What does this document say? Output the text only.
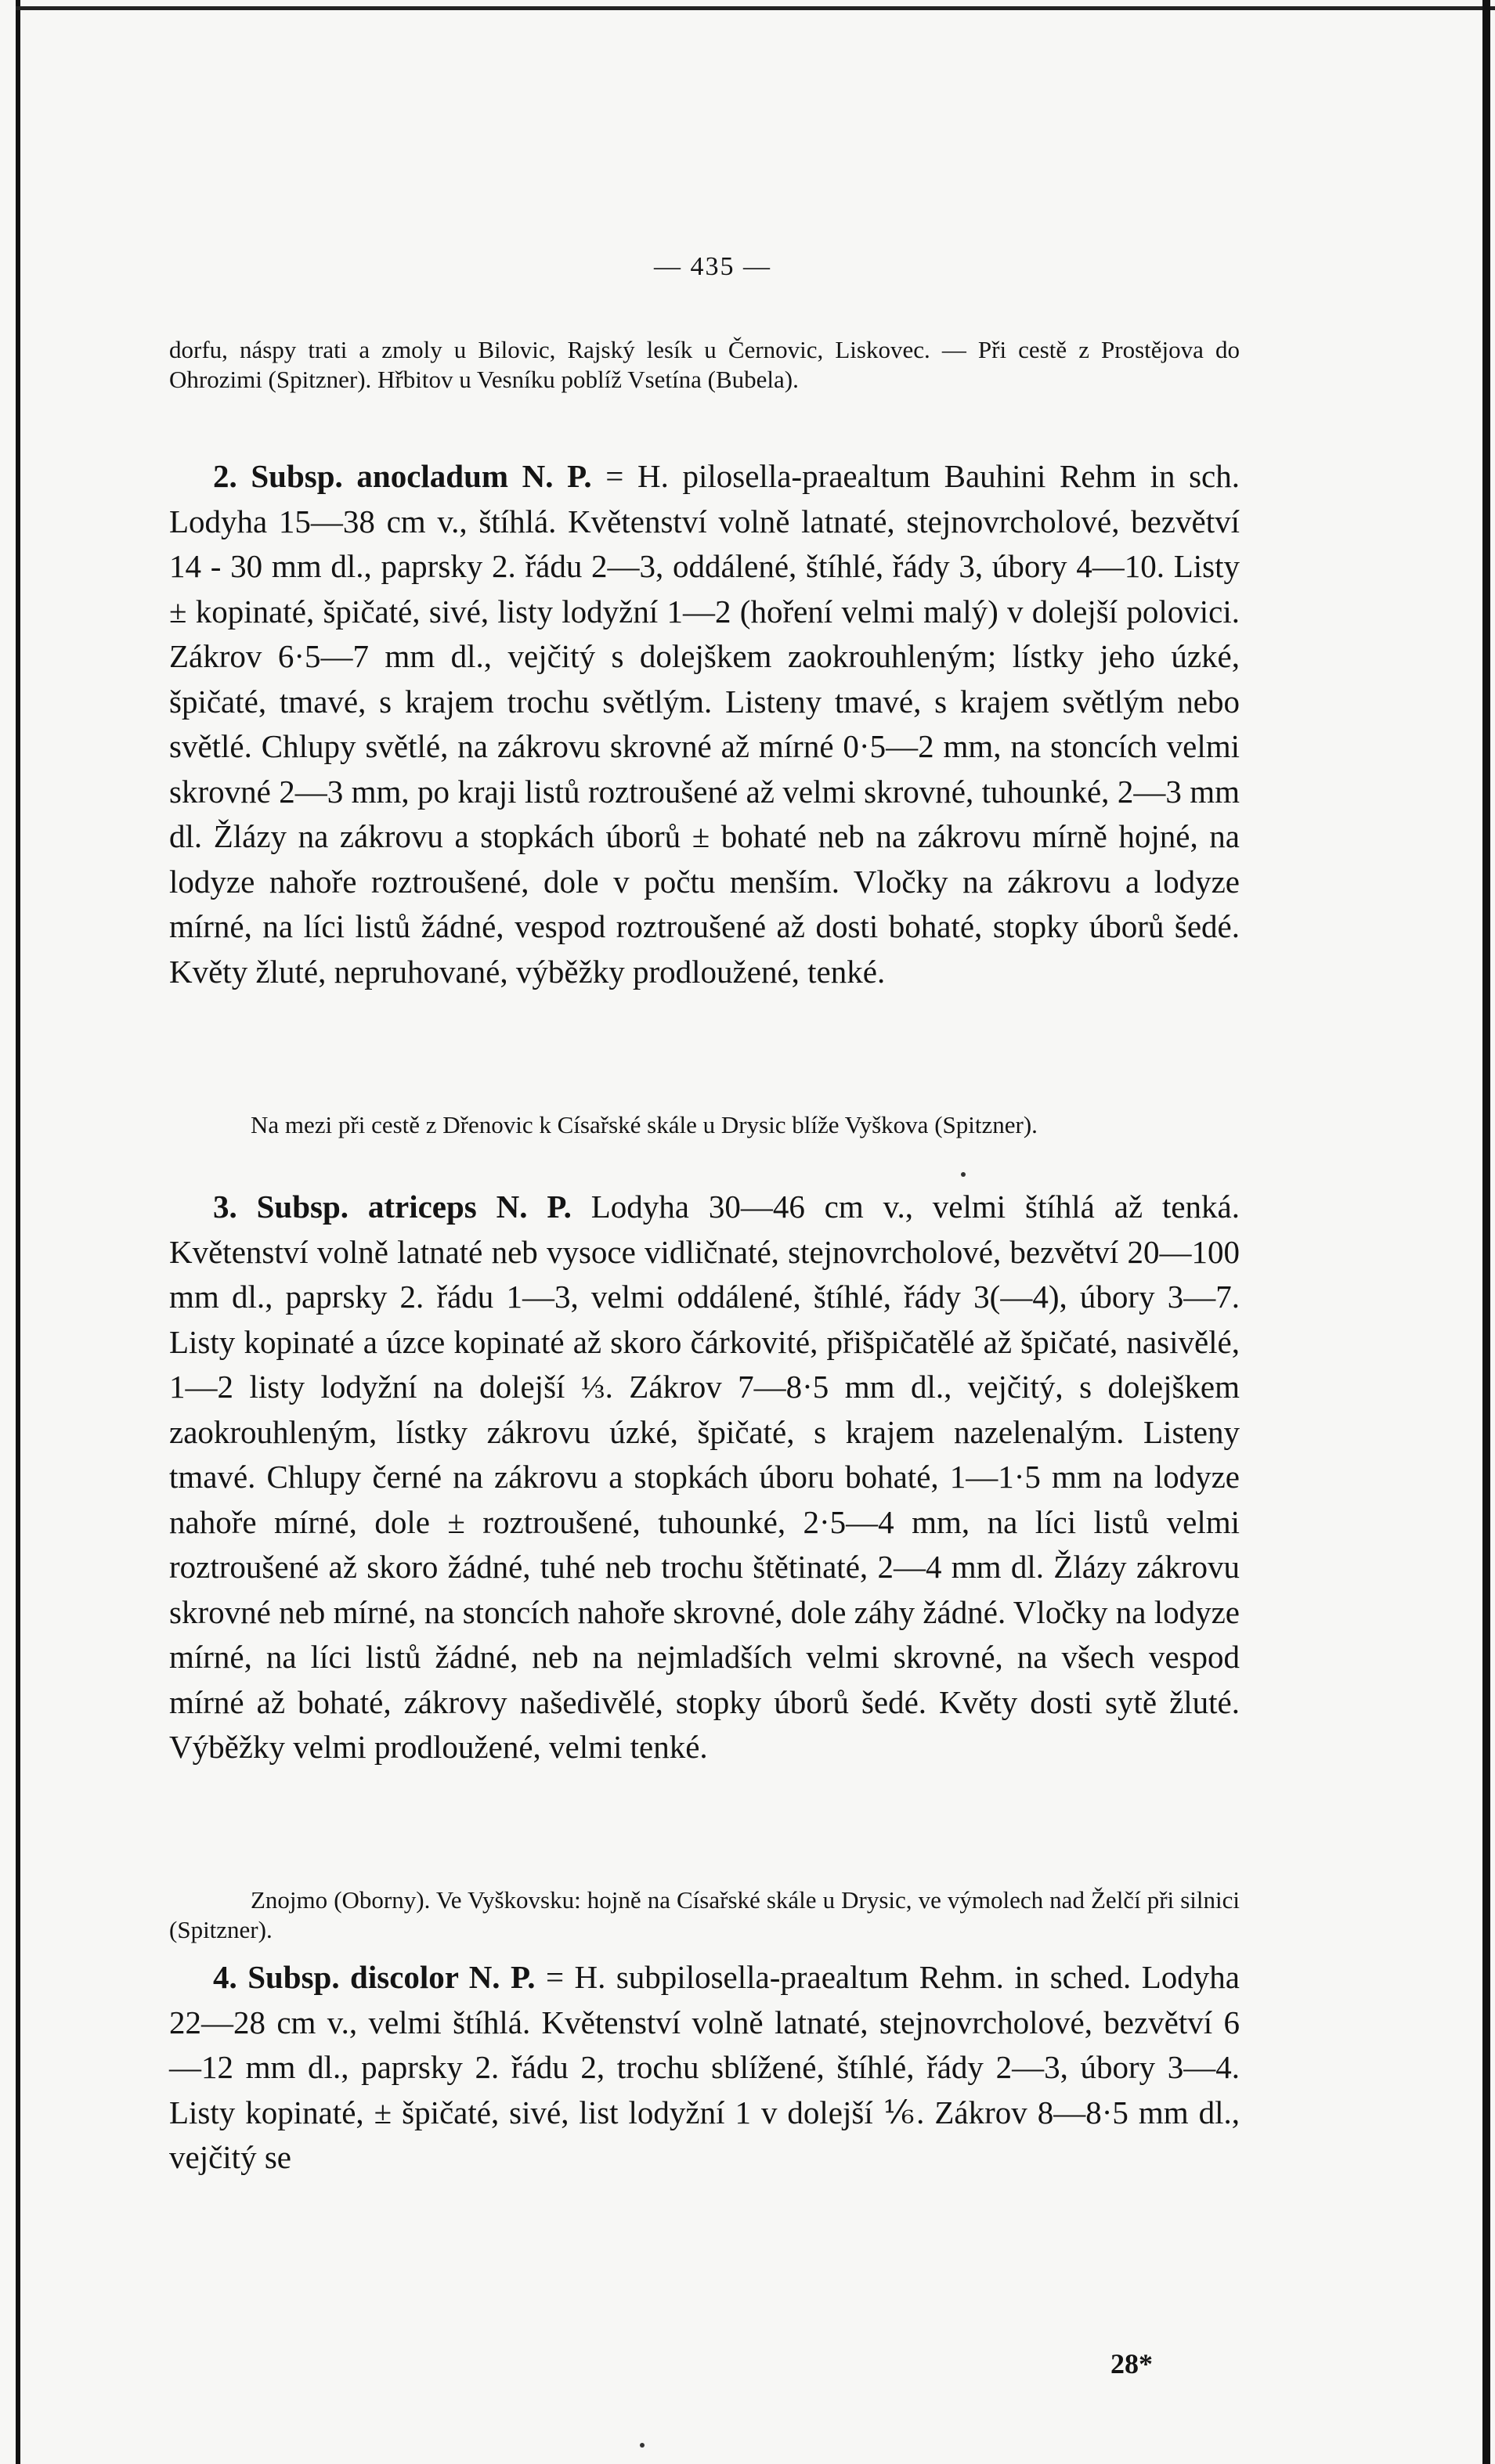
— 435 —
dorfu, náspy trati a zmoly u Bilovic, Rajský lesík u Černovic, Liskovec. — Při cestě z Prostějova do Ohrozimi (Spitzner). Hřbitov u Vesníku poblíž Vsetína (Bubela).
2. Subsp. anocladum N. P. = H. pilosella-praealtum Bauhini Rehm in sch. Lodyha 15—38 cm v., štíhlá. Květenství volně latnaté, stejnovrcholové, bezvětví 14 - 30 mm dl., paprsky 2. řádu 2—3, oddálené, štíhlé, řády 3, úbory 4—10. Listy ± kopinaté, špičaté, sivé, listy lodyžní 1—2 (hoření velmi malý) v dolejší polovici. Zákrov 6·5—7 mm dl., vejčitý s dolejškem zaokrouhleným; lístky jeho úzké, špičaté, tmavé, s krajem trochu světlým. Listeny tmavé, s krajem světlým nebo světlé. Chlupy světlé, na zákrovu skrovné až mírné 0·5—2 mm, na stoncích velmi skrovné 2—3 mm, po kraji listů roztroušené až velmi skrovné, tuhounké, 2—3 mm dl. Žlázy na zákrovu a stopkách úborů ± bohaté neb na zákrovu mírně hojné, na lodyze nahoře roztroušené, dole v počtu menším. Vločky na zákrovu a lodyze mírné, na líci listů žádné, vespod roztroušené až dosti bohaté, stopky úborů šedé. Květy žluté, nepruhované, výběžky prodloužené, tenké.
Na mezi při cestě z Dřenovic k Císařské skále u Drysic blíže Vyškova (Spitzner).
3. Subsp. atriceps N. P. Lodyha 30—46 cm v., velmi štíhlá až tenká. Květenství volně latnaté neb vysoce vidličnaté, stejnovrcholové, bezvětví 20—100 mm dl., paprsky 2. řádu 1—3, velmi oddálené, štíhlé, řády 3(—4), úbory 3—7. Listy kopinaté a úzce kopinaté až skoro čárkovité, přišpičatělé až špičaté, nasivělé, 1—2 listy lodyžní na dolejší ⅓. Zákrov 7—8·5 mm dl., vejčitý, s dolejškem zaokrouhleným, lístky zákrovu úzké, špičaté, s krajem nazelenalým. Listeny tmavé. Chlupy černé na zákrovu a stopkách úboru bohaté, 1—1·5 mm na lodyze nahoře mírné, dole ± roztroušené, tuhounké, 2·5—4 mm, na líci listů velmi roztroušené až skoro žádné, tuhé neb trochu štětinaté, 2—4 mm dl. Žlázy zákrovu skrovné neb mírné, na stoncích nahoře skrovné, dole záhy žádné. Vločky na lodyze mírné, na líci listů žádné, neb na nejmladších velmi skrovné, na všech vespod mírné až bohaté, zákrovy našedivělé, stopky úborů šedé. Květy dosti sytě žluté. Výběžky velmi prodloužené, velmi tenké.
Znojmo (Oborny). Ve Vyškovsku: hojně na Císařské skále u Drysic, ve výmolech nad Želčí při silnici (Spitzner).
4. Subsp. discolor N. P. = H. subpilosella-praealtum Rehm. in sched. Lodyha 22—28 cm v., velmi štíhlá. Květenství volně latnaté, stejnovrcholové, bezvětví 6—12 mm dl., paprsky 2. řádu 2, trochu sblížené, štíhlé, řády 2—3, úbory 3—4. Listy kopinaté, ± špičaté, sivé, list lodyžní 1 v dolejší ⅙. Zákrov 8—8·5 mm dl., vejčitý se
28*
